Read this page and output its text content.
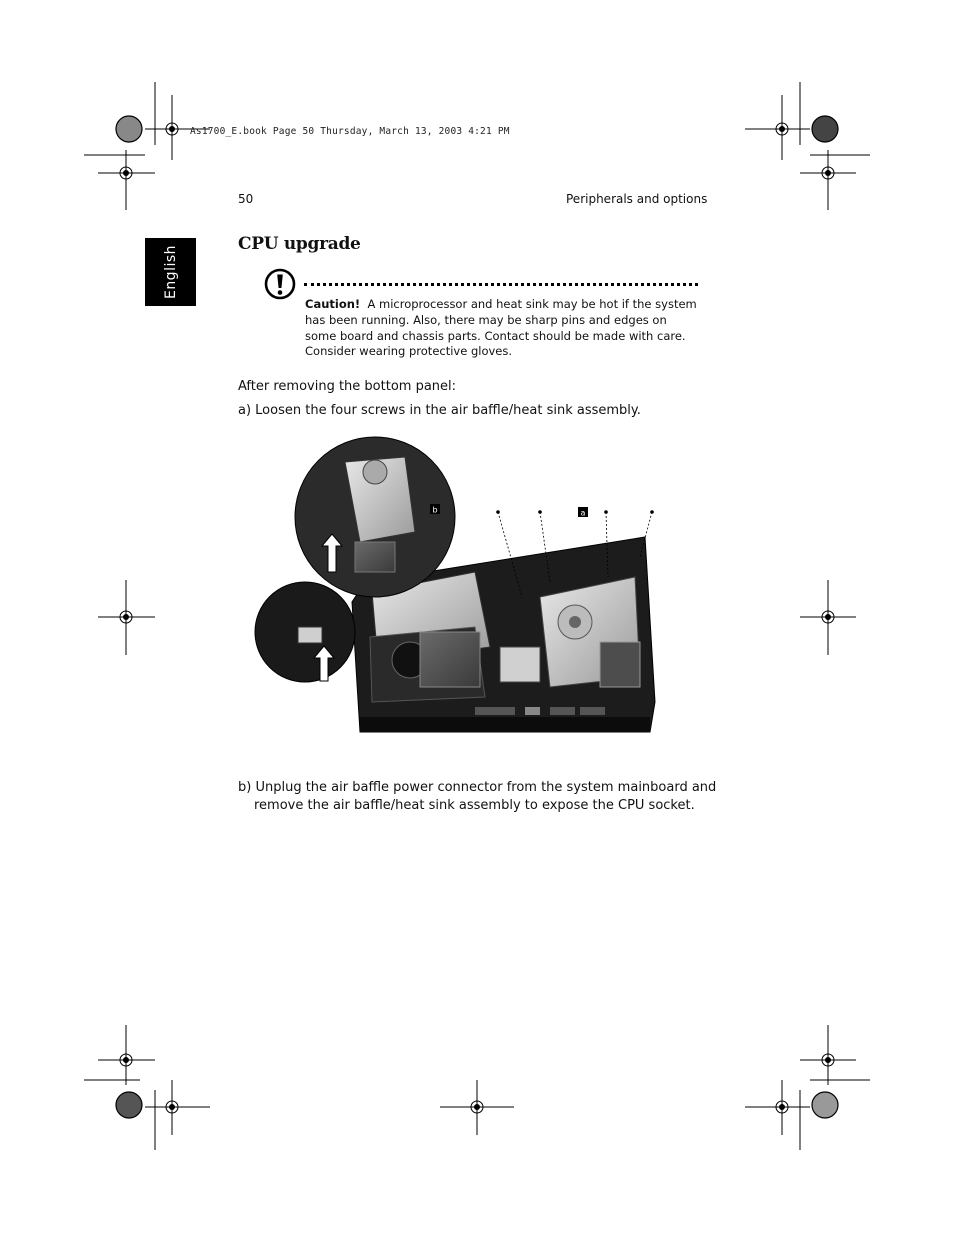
As1700_E.book Page 50 Thursday, March 13, 2003 4:21 PM
50	Peripherals and options
English
CPU upgrade
Caution! A microprocessor and heat sink may be hot if the system has been running. Also, there may be sharp pins and edges on some board and chassis parts. Contact should be made with care. Consider wearing protective gloves.
After removing the bottom panel:
a) Loosen the four screws in the air baffle/heat sink assembly.
b	a
b) Unplug the air baffle power connector from the system mainboard and remove the air baffle/heat sink assembly to expose the CPU socket.
